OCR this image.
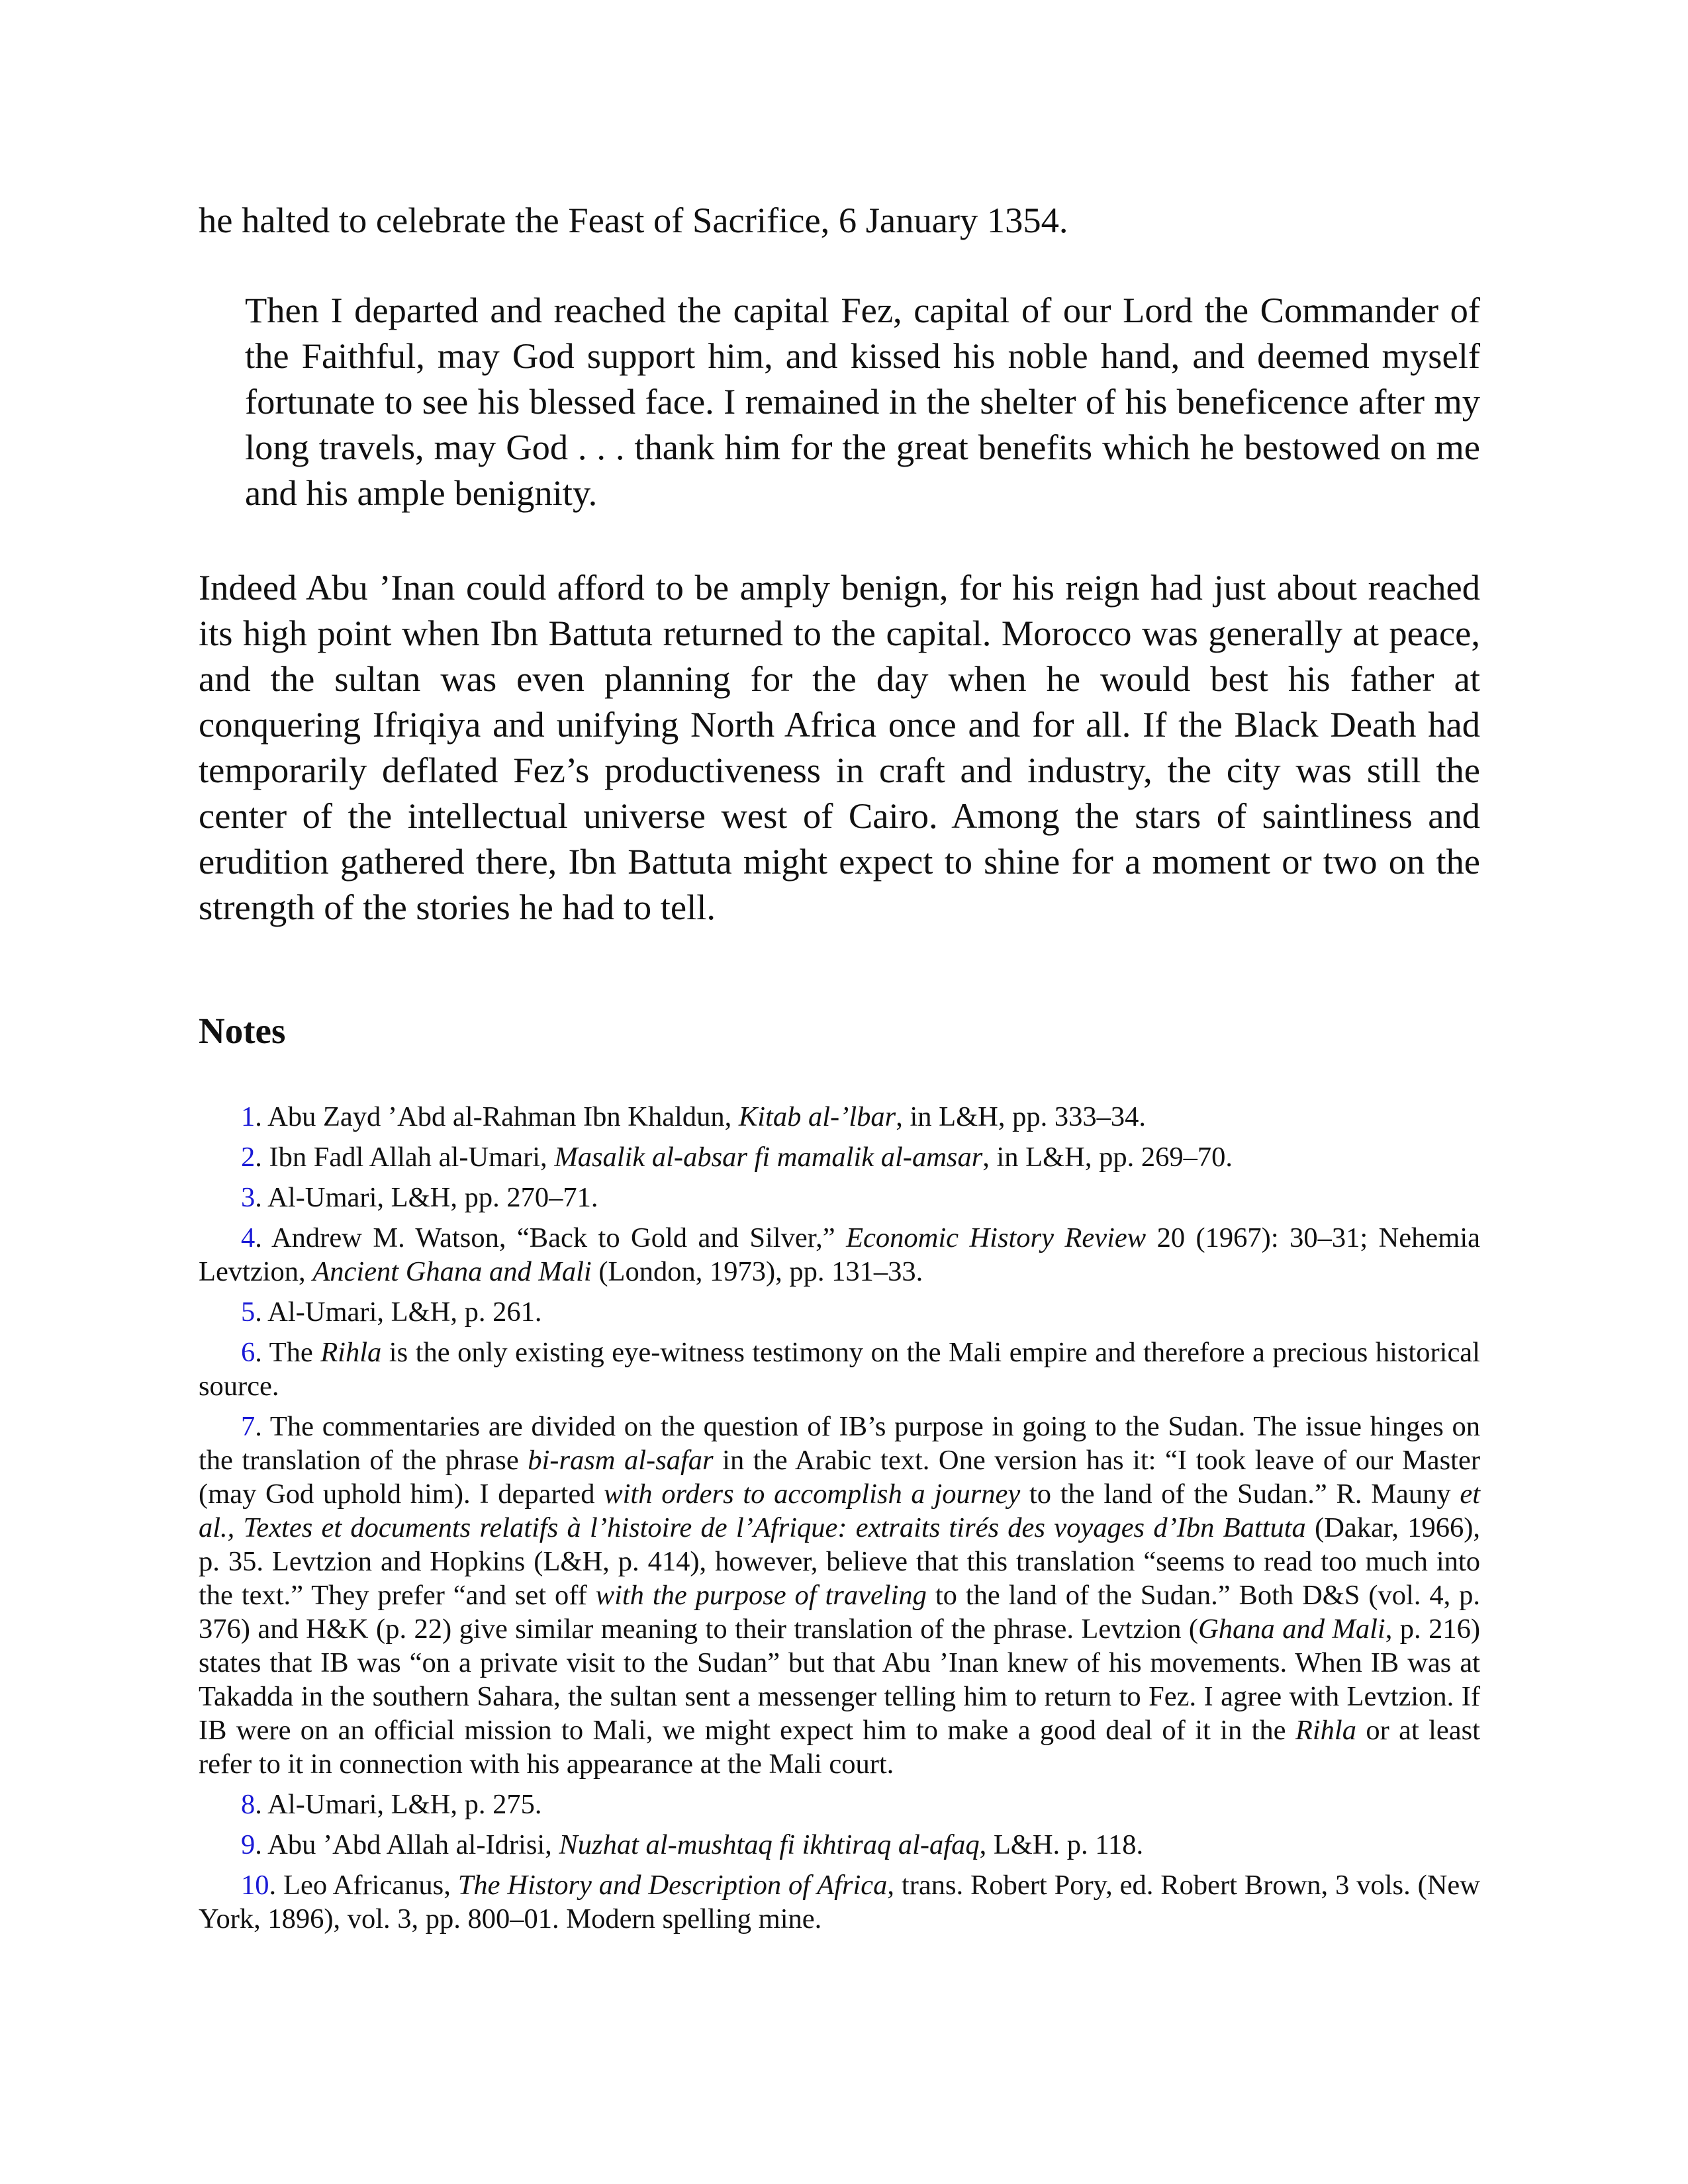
he halted to celebrate the Feast of Sacrifice, 6 January 1354.

Then I departed and reached the capital Fez, capital of our Lord the Commander of the Faithful, may God support him, and kissed his noble hand, and deemed myself fortunate to see his blessed face. I remained in the shelter of his beneficence after my long travels, may God . . . thank him for the great benefits which he bestowed on me and his ample benignity.

Indeed Abu ’Inan could afford to be amply benign, for his reign had just about reached its high point when Ibn Battuta returned to the capital. Morocco was generally at peace, and the sultan was even planning for the day when he would best his father at conquering Ifriqiya and unifying North Africa once and for all. If the Black Death had temporarily deflated Fez’s productiveness in craft and industry, the city was still the center of the intellectual universe west of Cairo. Among the stars of saintliness and erudition gathered there, Ibn Battuta might expect to shine for a moment or two on the strength of the stories he had to tell.

Notes

1. Abu Zayd ’Abd al-Rahman Ibn Khaldun, Kitab al-’lbar, in L&H, pp. 333–34.

2. Ibn Fadl Allah al-Umari, Masalik al-absar fi mamalik al-amsar, in L&H, pp. 269–70.

3. Al-Umari, L&H, pp. 270–71.

4. Andrew M. Watson, “Back to Gold and Silver,” Economic History Review 20 (1967): 30–31; Nehemia Levtzion, Ancient Ghana and Mali (London, 1973), pp. 131–33.

5. Al-Umari, L&H, p. 261.

6. The Rihla is the only existing eye-witness testimony on the Mali empire and therefore a precious historical source.

7. The commentaries are divided on the question of IB’s purpose in going to the Sudan. The issue hinges on the translation of the phrase bi-rasm al-safar in the Arabic text. One version has it: “I took leave of our Master (may God uphold him). I departed with orders to accomplish a journey to the land of the Sudan.” R. Mauny et al., Textes et documents relatifs à l’histoire de l’Afrique: extraits tirés des voyages d’Ibn Battuta (Dakar, 1966), p. 35. Levtzion and Hopkins (L&H, p. 414), however, believe that this translation “seems to read too much into the text.” They prefer “and set off with the purpose of traveling to the land of the Sudan.” Both D&S (vol. 4, p. 376) and H&K (p. 22) give similar meaning to their translation of the phrase. Levtzion (Ghana and Mali, p. 216) states that IB was “on a private visit to the Sudan” but that Abu ’Inan knew of his movements. When IB was at Takadda in the southern Sahara, the sultan sent a messenger telling him to return to Fez. I agree with Levtzion. If IB were on an official mission to Mali, we might expect him to make a good deal of it in the Rihla or at least refer to it in connection with his appearance at the Mali court.

8. Al-Umari, L&H, p. 275.

9. Abu ’Abd Allah al-Idrisi, Nuzhat al-mushtaq fi ikhtiraq al-afaq, L&H. p. 118.

10. Leo Africanus, The History and Description of Africa, trans. Robert Pory, ed. Robert Brown, 3 vols. (New York, 1896), vol. 3, pp. 800–01. Modern spelling mine.
